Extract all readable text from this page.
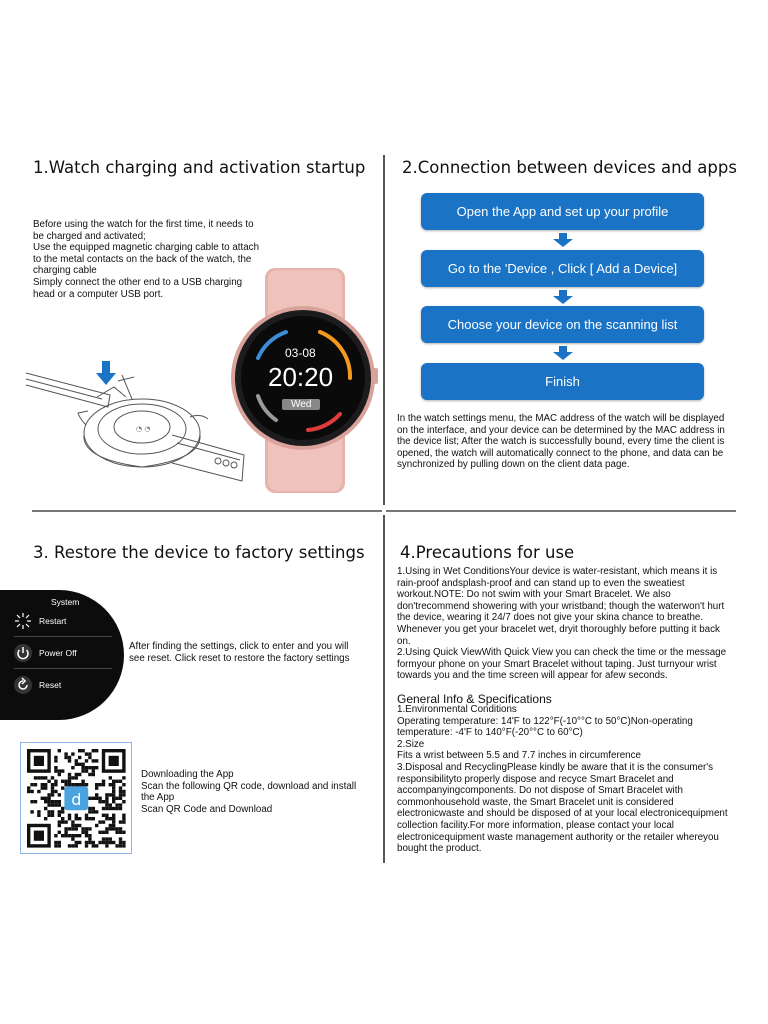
1.Watch charging and activation startup
Before using the watch for the first time, it needs to
be charged and activated;
Use the equipped magnetic charging cable to attach
to the metal contacts on the back of the watch, the
charging cable
Simply connect the other end to a USB charging
head or a computer USB port.
◔ ◔
03-08
20:20
Wed
2.Connection between devices and apps
Open the App and set up your profile
Go to the 'Device , Click [ Add a Device]
Choose your device on the scanning list
Finish
In the watch settings menu, the MAC address of the watch will be displayed
on the interface, and your device can be determined by the MAC address in
the device list; After the watch is successfully bound, every time the client is
opened, the watch will automatically connect to the phone, and data can be
synchronized by pulling down on the client data page.
3. Restore the device to factory settings
System
Restart
Power Off
Reset
After finding the settings, click to enter and you will
see reset. Click reset to restore the factory settings
d
Downloading the App
Scan the following QR code, download and install
the App
Scan QR Code and Download
4.Precautions for use
1.Using in Wet ConditionsYour device is water-resistant, which means it is
rain-proof andsplash-proof and can stand up to even the sweatiest
workout.NOTE: Do not swim with your Smart Bracelet. We also
don'trecommend showering with your wristband; though the waterwon't hurt
the device, wearing it 24/7 does not give your skina chance to breathe.
Whenever you get your bracelet wet, dryit thoroughly before putting it back
on.
2.Using Quick ViewWith Quick View you can check the time or the message
formyour phone on your Smart Bracelet without taping. Just turnyour wrist
towards you and the time screen will appear for afew seconds.
General Info & Specifications
1.Environmental Conditions
Operating temperature: 14'F to 122°F(-10°°C to 50°C)Non-operating
temperature: -4'F to 140°F(-20°°C to 60°C)
2.Size
Fits a wrist between 5.5 and 7.7 inches in circumference
3.Disposal and RecyclingPlease kindly be aware that it is the consumer's
responsibilityto properly dispose and recyce Smart Bracelet and
accompanyingcomponents. Do not dispose of Smart Bracelet with
commonhousehold waste, the Smart Bracelet unit is considered
electronicwaste and should be disposed of at your local electronicequipment
collection facility.For more information, please contact your local
electronicequipment waste management authority or the retailer whereyou
bought the product.
